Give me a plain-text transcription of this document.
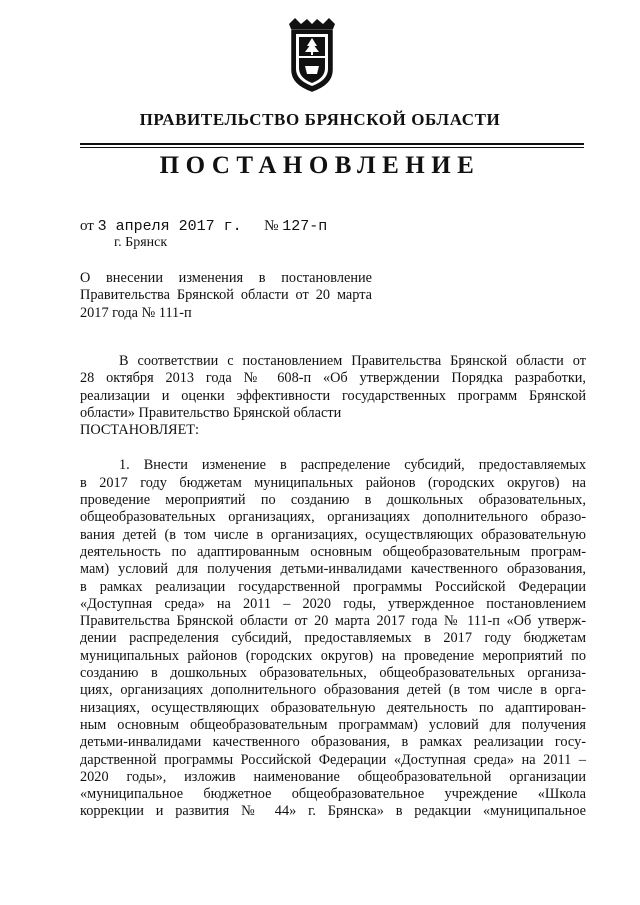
ПРАВИТЕЛЬСТВО БРЯНСКОЙ ОБЛАСТИ
ПОСТАНОВЛЕНИЕ
от 3 апреля 2017 г. № 127-п
г. Брянск
О внесении изменения в постановление Правительства Брянской области от 20 марта 2017 года № 111-п

В соответствии с постановлением Правительства Брянской области от

28 октября 2013 года № 608-п «Об утверждении Порядка разработки,

реализации и оценки эффективности государственных программ Брянской

области» Правительство Брянской области

ПОСТАНОВЛЯЕТ:

1. Внести изменение в распределение субсидий, предоставляемых

в 2017 году бюджетам муниципальных районов (городских округов) на

проведение мероприятий по созданию в дошкольных образовательных,

общеобразовательных организациях, организациях дополнительного образо-

вания детей (в том числе в организациях, осуществляющих образовательную

деятельность по адаптированным основным общеобразовательным програм-

мам) условий для получения детьми-инвалидами качественного образования,

в рамках реализации государственной программы Российской Федерации

«Доступная среда» на 2011 – 2020 годы, утвержденное постановлением

Правительства Брянской области от 20 марта 2017 года № 111-п «Об утверж-

дении распределения субсидий, предоставляемых в 2017 году бюджетам

муниципальных районов (городских округов) на проведение мероприятий по

созданию в дошкольных образовательных, общеобразовательных организа-

циях, организациях дополнительного образования детей (в том числе в орга-

низациях, осуществляющих образовательную деятельность по адаптирован-

ным основным общеобразовательным программам) условий для получения

детьми-инвалидами качественного образования, в рамках реализации госу-

дарственной программы Российской Федерации «Доступная среда» на 2011 –

2020 годы», изложив наименование общеобразовательной организации

«муниципальное бюджетное общеобразовательное учреждение «Школа

коррекции и развития № 44» г. Брянска» в редакции «муниципальное
